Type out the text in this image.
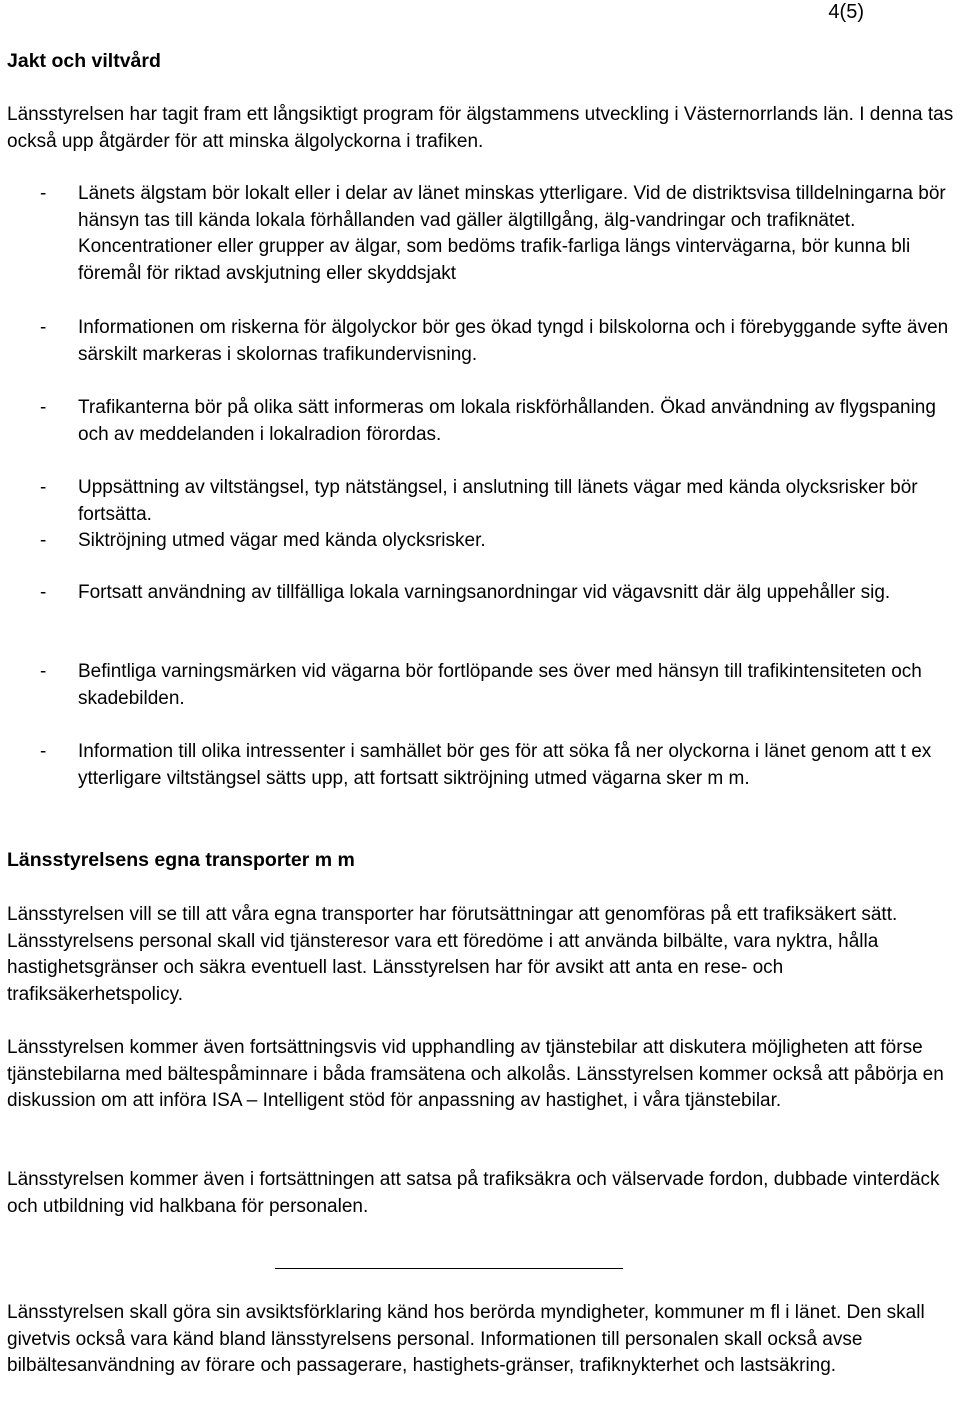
4(5)
Jakt och viltvård

Länsstyrelsen har tagit fram ett långsiktigt program för älgstammens utveckling i Västernorrlands län. I denna tas också upp åtgärder för att minska älgolyckorna i trafiken.

-	Länets älgstam bör lokalt eller i delar av länet minskas ytterligare. Vid de distriktsvisa tilldelningarna bör hänsyn tas till kända lokala förhållanden vad gäller älgtillgång, älg-vandringar och trafiknätet. Koncentrationer eller grupper av älgar, som bedöms trafik-farliga längs vintervägarna, bör kunna bli föremål för riktad avskjutning eller skyddsjakt
-	Informationen om riskerna för älgolyckor bör ges ökad tyngd i bilskolorna och i förebyggande syfte även särskilt markeras i skolornas trafikundervisning.
-	Trafikanterna bör på olika sätt informeras om lokala riskförhållanden. Ökad användning av flygspaning och av meddelanden i lokalradion förordas.
-	Uppsättning av viltstängsel, typ nätstängsel, i anslutning till länets vägar med kända olycksrisker bör fortsätta.
-	Siktröjning utmed vägar med kända olycksrisker.
-	Fortsatt användning av tillfälliga lokala varningsanordningar vid vägavsnitt där älg uppehåller sig.
-	Befintliga varningsmärken vid vägarna bör fortlöpande ses över med hänsyn till trafikintensiteten och skadebilden.
-	Information till olika intressenter i samhället bör ges för att söka få ner olyckorna i länet genom att t ex ytterligare viltstängsel sätts upp, att fortsatt siktröjning utmed vägarna sker m m.
Länsstyrelsens egna transporter m m

Länsstyrelsen vill se till att våra egna transporter har förutsättningar att genomföras på ett trafiksäkert sätt. Länsstyrelsens personal skall vid tjänsteresor vara ett föredöme i att använda bilbälte, vara nyktra, hålla hastighetsgränser och säkra eventuell last. Länsstyrelsen har för avsikt att anta en rese- och trafiksäkerhetspolicy.

Länsstyrelsen kommer även fortsättningsvis vid upphandling av tjänstebilar att diskutera möjligheten att förse tjänstebilarna med bältespåminnare i båda framsätena och alkolås. Länsstyrelsen kommer också att påbörja en diskussion om att införa ISA – Intelligent stöd för anpassning av hastighet, i våra tjänstebilar.

Länsstyrelsen kommer även i fortsättningen att satsa på trafiksäkra och välservade fordon, dubbade vinterdäck och utbildning vid halkbana för personalen.

Länsstyrelsen skall göra sin avsiktsförklaring känd hos berörda myndigheter, kommuner m fl i länet. Den skall givetvis också vara känd bland länsstyrelsens personal. Informationen till personalen skall också avse bilbältesanvändning av förare och passagerare, hastighets-gränser, trafiknykterhet och lastsäkring.
